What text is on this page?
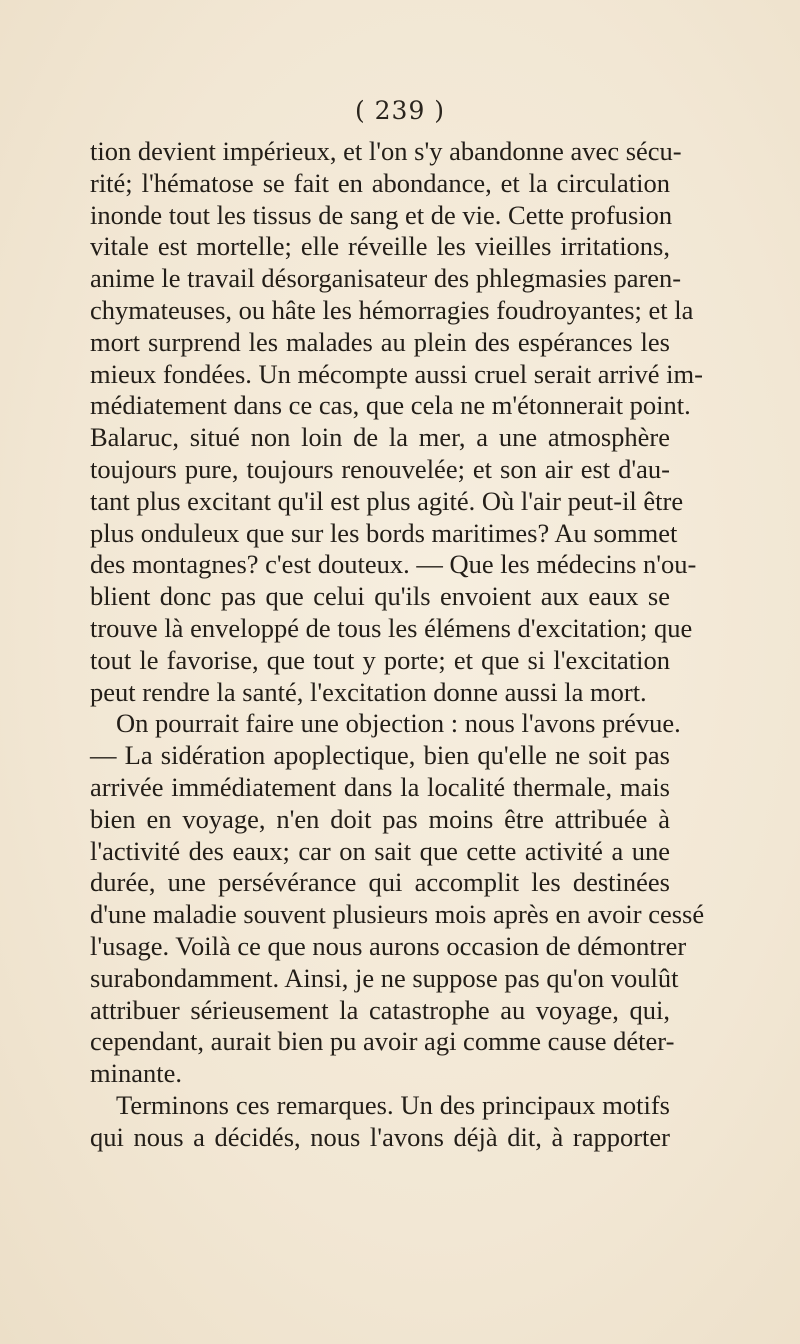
( 239 )
tion devient impérieux, et l'on s'y abandonne avec sécu-
rité; l'hématose se fait en abondance, et la circulation
inonde tout les tissus de sang et de vie. Cette profusion
vitale est mortelle; elle réveille les vieilles irritations,
anime le travail désorganisateur des phlegmasies paren-
chymateuses, ou hâte les hémorragies foudroyantes; et la
mort surprend les malades au plein des espérances les
mieux fondées. Un mécompte aussi cruel serait arrivé im-
médiatement dans ce cas, que cela ne m'étonnerait point.
Balaruc, situé non loin de la mer, a une atmosphère
toujours pure, toujours renouvelée; et son air est d'au-
tant plus excitant qu'il est plus agité. Où l'air peut-il être
plus onduleux que sur les bords maritimes? Au sommet
des montagnes? c'est douteux. — Que les médecins n'ou-
blient donc pas que celui qu'ils envoient aux eaux se
trouve là enveloppé de tous les élémens d'excitation; que
tout le favorise, que tout y porte; et que si l'excitation
peut rendre la santé, l'excitation donne aussi la mort.
On pourrait faire une objection : nous l'avons prévue.
— La sidération apoplectique, bien qu'elle ne soit pas
arrivée immédiatement dans la localité thermale, mais
bien en voyage, n'en doit pas moins être attribuée à
l'activité des eaux; car on sait que cette activité a une
durée, une persévérance qui accomplit les destinées
d'une maladie souvent plusieurs mois après en avoir cessé
l'usage. Voilà ce que nous aurons occasion de démontrer
surabondamment. Ainsi, je ne suppose pas qu'on voulût
attribuer sérieusement la catastrophe au voyage, qui,
cependant, aurait bien pu avoir agi comme cause déter-
minante.
Terminons ces remarques. Un des principaux motifs
qui nous a décidés, nous l'avons déjà dit, à rapporter
